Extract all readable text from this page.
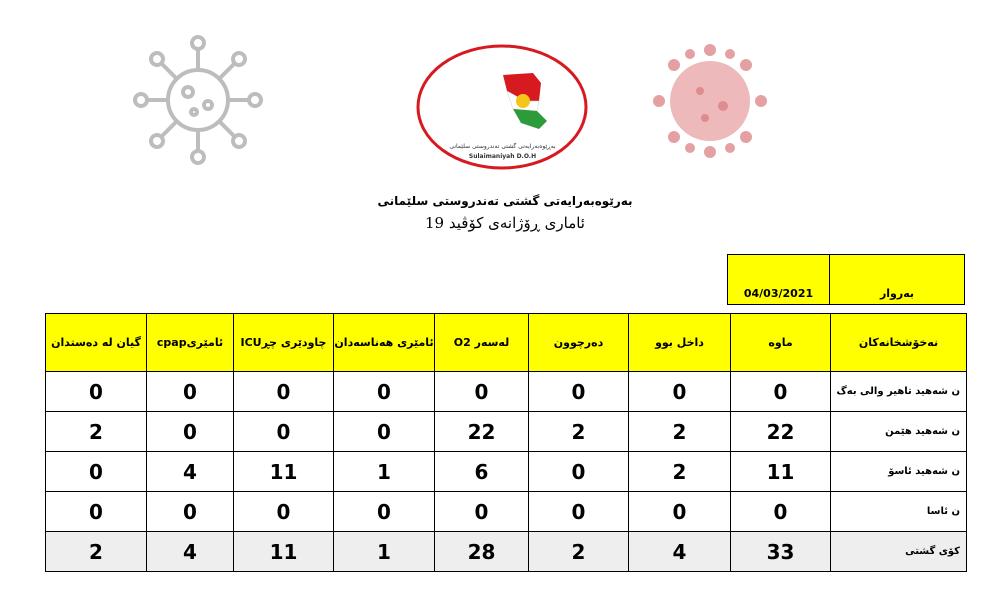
بەڕێوەبەرایەتی گشتی تەندروستی سلێمانی
Sulaimaniyah D.O.H
بەرێوەبەرایەتی گشتی تەندروستی سلێمانی
ئاماری ڕۆژانەی کۆڤید 19
04/03/2021	بەروار
گیان لە دەستدان	ئامێریcpap	چاودێری چڕICU	ئامێری هەناسەدان	لەسەر O2	دەرچوون	داخل بوو	ماوە	نەخۆشخانەکان
0	0	0	0	0	0	0	0	ن شەهید تاهیر والی بەگ
2	0	0	0	22	2	2	22	ن شەهید هێمن
0	4	11	1	6	0	2	11	ن شەهید ئاسۆ
0	0	0	0	0	0	0	0	ن ئاسا
2	4	11	1	28	2	4	33	کۆی گشتی
